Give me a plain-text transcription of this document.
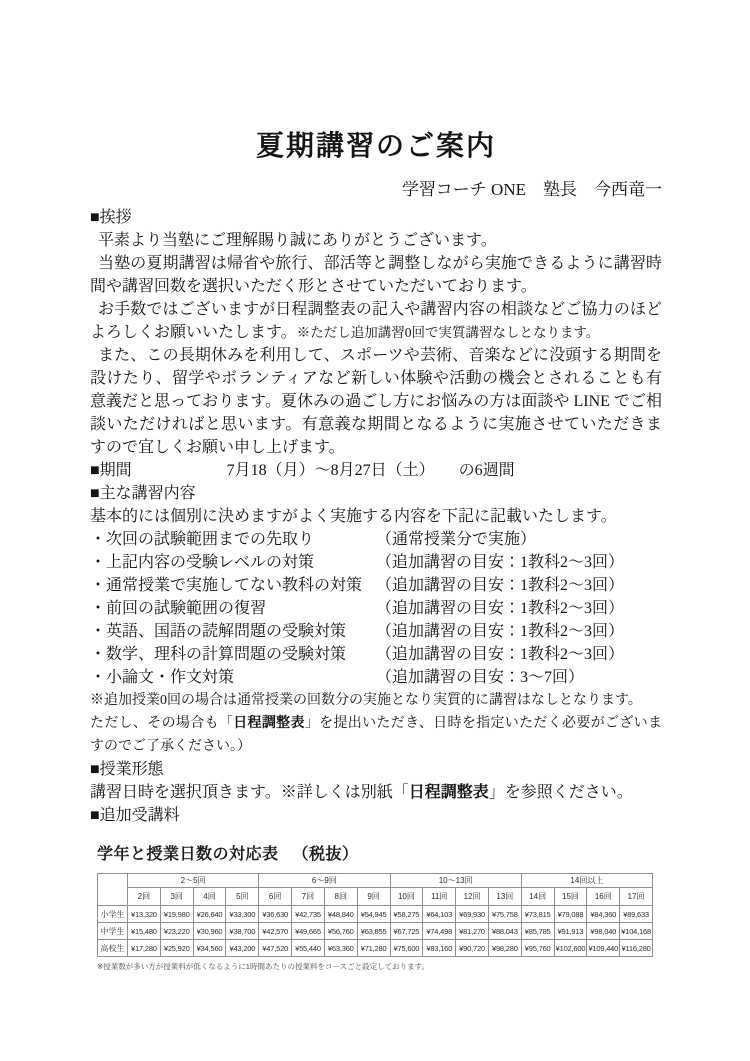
夏期講習のご案内
学習コーチ ONE　塾長　今西竜一
■挨拶

平素より当塾にご理解賜り誠にありがとうございます。

当塾の夏期講習は帰省や旅行、部活等と調整しながら実施できるように講習時間や講習回数を選択いただく形とさせていただいております。

お手数ではございますが日程調整表の記入や講習内容の相談などご協力のほどよろしくお願いいたします。※ただし追加講習0回で実質講習なしとなります。

また、この長期休みを利用して、スポーツや芸術、音楽などに没頭する期間を設けたり、留学やボランティアなど新しい体験や活動の機会とされることも有意義だと思っております。夏休みの過ごし方にお悩みの方は面談や LINE でご相談いただければと思います。有意義な期間となるように実施させていただきますので宜しくお願い申し上げます。

■期間	7月18（月）～8月27日（土）　　の6週間
■主な講習内容

基本的には個別に決めますがよく実施する内容を下記に記載いたします。

・次回の試験範囲までの先取り	（通常授業分で実施）
・上記内容の受験レベルの対策	（追加講習の目安：1教科2～3回）
・通常授業で実施してない教科の対策 （追加講習の目安：1教科2～3回）
・前回の試験範囲の復習	（追加講習の目安：1教科2～3回）
・英語、国語の読解問題の受験対策	（追加講習の目安：1教科2～3回）
・数学、理科の計算問題の受験対策	（追加講習の目安：1教科2～3回）
・小論文・作文対策	（追加講習の目安：3～7回）
※追加授業0回の場合は通常授業の回数分の実施となり実質的に講習はなしとなります。
ただし、その場合も「日程調整表」を提出いただき、日時を指定いただく必要がございますのでご了承ください。）
■授業形態

講習日時を選択頂きます。※詳しくは別紙「日程調整表」を参照ください。

■追加受講料
学年と授業日数の対応表 （税抜）
	2～5回				6～9回				10～13回				14回以上			
	2回	3回	4回	5回	6回	7回	8回	9回	10回	11回	12回	13回	14回	15回	16回	17回
小学生	¥13,320	¥19,980	¥26,640	¥33,300	¥36,630	¥42,735	¥48,840	¥54,945	¥58,275	¥64,103	¥69,930	¥75,758	¥73,815	¥79,088	¥84,360	¥89,633
中学生	¥15,480	¥23,220	¥30,960	¥38,700	¥42,570	¥49,665	¥56,760	¥63,855	¥67,725	¥74,498	¥81,270	¥88,043	¥85,785	¥91,913	¥98,040	¥104,168
高校生	¥17,280	¥25,920	¥34,560	¥43,200	¥47,520	¥55,440	¥63,360	¥71,280	¥75,600	¥83,160	¥90,720	¥98,280	¥95,760	¥102,600	¥109,440	¥116,280
※授業数が多い方が授業料が低くなるように1時間あたりの授業料をコースごと設定しております。
